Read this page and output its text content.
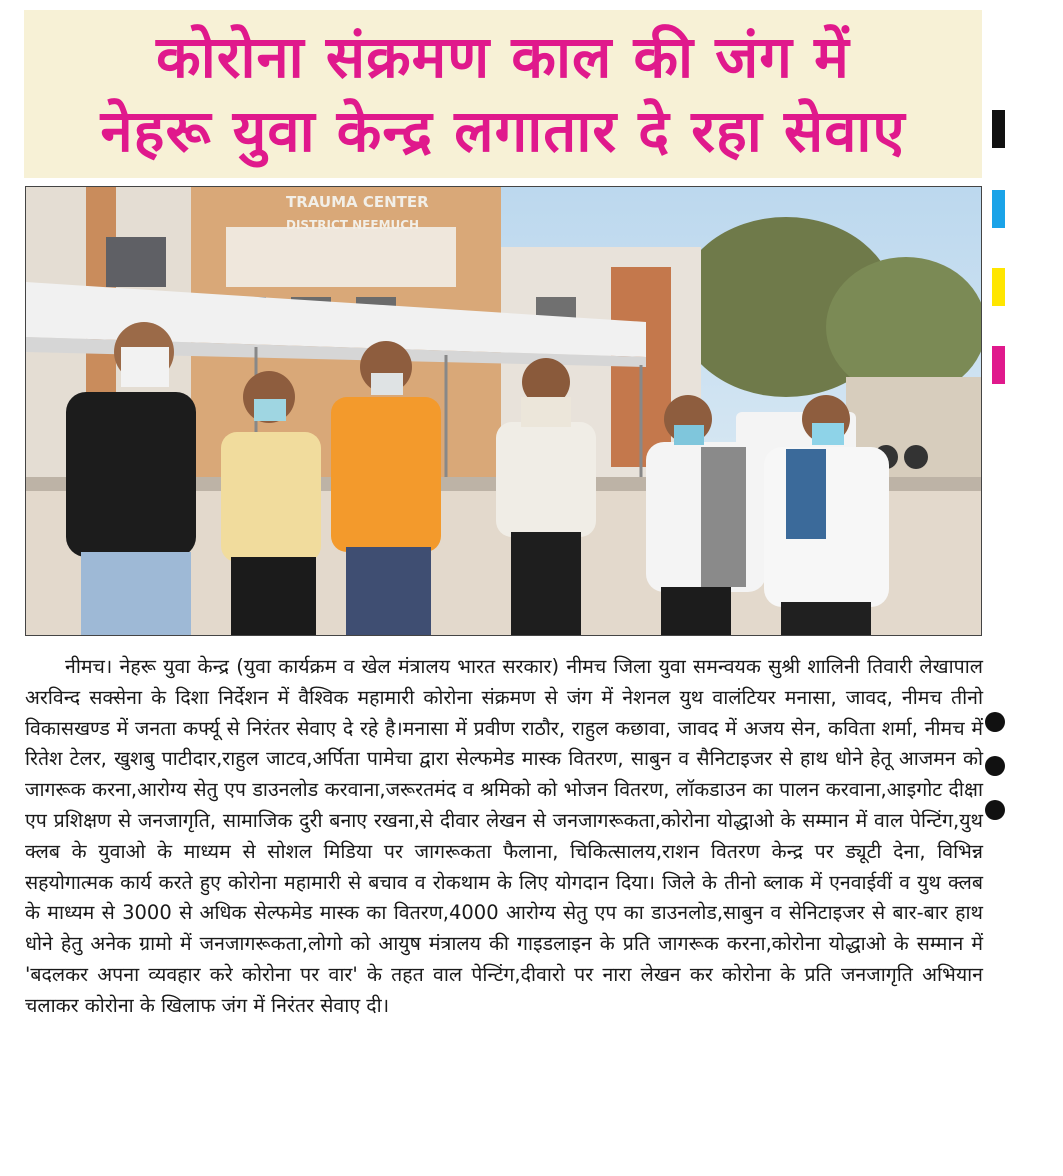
कोरोना संक्रमण काल की जंग में
नेहरू युवा केन्द्र लगातार दे रहा सेवाए
TRAUMA CENTER
DISTRICT NEEMUCH

नीमच। नेहरू युवा केन्द्र (युवा कार्यक्रम व खेल मंत्रालय भारत सरकार) नीमच जिला युवा समन्वयक सुश्री शालिनी तिवारी लेखापाल अरविन्द सक्सेना के दिशा निर्देशन में वैश्विक महामारी कोरोना संक्रमण से जंग में नेशनल युथ वालंटियर मनासा, जावद, नीमच तीनो विकासखण्ड में जनता कर्फ्यू से निरंतर सेवाए दे रहे है।मनासा में प्रवीण राठौर, राहुल कछावा, जावद में अजय सेन, कविता शर्मा, नीमच में रितेश टेलर, खुशबु पाटीदार,राहुल जाटव,अर्पिता पामेचा द्वारा सेल्फमेड मास्क वितरण, साबुन व सैनिटाइजर से हाथ धोने हेतू आजमन को जागरूक करना,आरोग्य सेतु एप डाउनलोड करवाना,जरूरतमंद व श्रमिको को भोजन वितरण, लॉकडाउन का पालन करवाना,आइगोट दीक्षा एप प्रशिक्षण से जनजागृति, सामाजिक दुरी बनाए रखना,से दीवार लेखन से जनजागरूकता,कोरोना योद्धाओ के सम्मान में वाल पेन्टिंग,युथ क्लब के युवाओ के माध्यम से सोशल मिडिया पर जागरूकता फैलाना, चिकित्सालय,राशन वितरण केन्द्र पर ड्यूटी देना, विभिन्न सहयोगात्मक कार्य करते हुए कोरोना महामारी से बचाव व रोकथाम के लिए योगदान दिया। जिले के तीनो ब्लाक में एनवाईवीं व युथ क्लब के माध्यम से 3000 से अधिक सेल्फमेड मास्क का वितरण,4000 आरोग्य सेतु एप का डाउनलोड,साबुन व सेनिटाइजर से बार-बार हाथ धोने हेतु अनेक ग्रामो में जनजागरूकता,लोगो को आयुष मंत्रालय की गाइडलाइन के प्रति जागरूक करना,कोरोना योद्धाओ के सम्मान में 'बदलकर अपना व्यवहार करे कोरोना पर वार' के तहत वाल पेन्टिंग,दीवारो पर नारा लेखन कर कोरोना के प्रति जनजागृति अभियान चलाकर कोरोना के खिलाफ जंग में निरंतर सेवाए दी।
